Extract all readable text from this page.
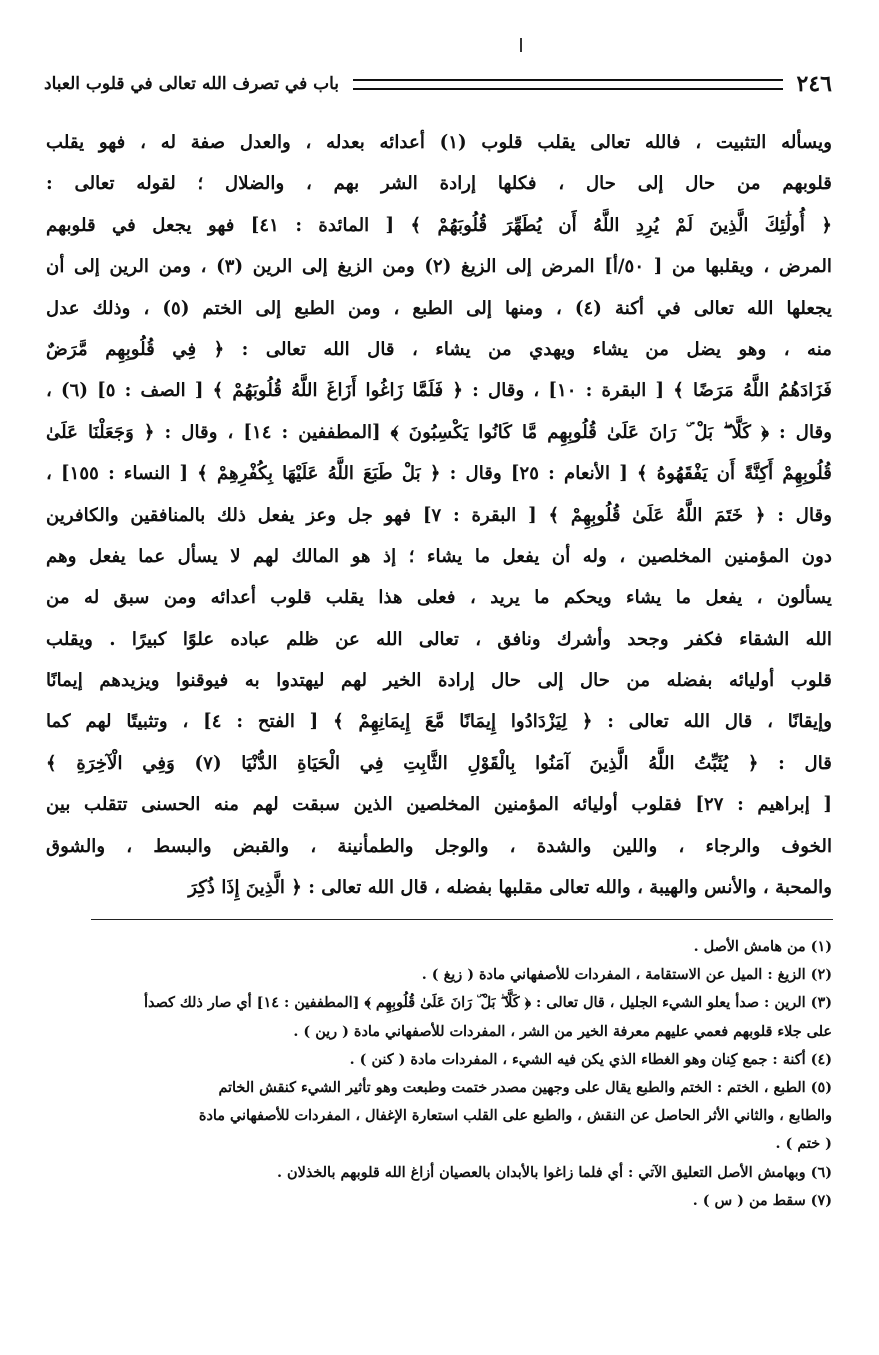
٢٤٦
باب في تصرف الله تعالى في قلوب العباد
ويسأله التثبيت ، فالله تعالى يقلب قلوب (١) أعدائه بعدله ، والعدل صفة له ، فهو يقلب
قلوبهم من حال إلى حال ، فكلها إرادة الشر بهم ، والضلال ؛ لقوله تعالى :
﴿ أُولَٰئِكَ الَّذِينَ لَمْ يُرِدِ اللَّهُ أَن يُطَهِّرَ قُلُوبَهُمْ ﴾ [ المائدة : ٤١] فهو يجعل في قلوبهم
المرض ، ويقلبها من [ ٥٠/أ] المرض إلى الزيغ (٢) ومن الزيغ إلى الرين (٣) ، ومن الرين إلى أن
يجعلها الله تعالى في أكنة (٤) ، ومنها إلى الطبع ، ومن الطبع إلى الختم (٥) ، وذلك عدل
منه ، وهو يضل من يشاء ويهدي من يشاء ، قال الله تعالى : ﴿ فِي قُلُوبِهِم مَّرَضٌ
فَزَادَهُمُ اللَّهُ مَرَضًا ﴾ [ البقرة : ١٠] ، وقال : ﴿ فَلَمَّا زَاغُوا أَزَاغَ اللَّهُ قُلُوبَهُمْ ﴾ [ الصف : ٥] (٦) ،
وقال : ﴿ كَلَّا ۖ بَلْ ۜ رَانَ عَلَىٰ قُلُوبِهِم مَّا كَانُوا يَكْسِبُونَ ﴾ [المطففين : ١٤] ، وقال : ﴿ وَجَعَلْنَا عَلَىٰ
قُلُوبِهِمْ أَكِنَّةً أَن يَفْقَهُوهُ ﴾ [ الأنعام : ٢٥] وقال : ﴿ بَلْ طَبَعَ اللَّهُ عَلَيْهَا بِكُفْرِهِمْ ﴾ [ النساء : ١٥٥] ،
وقال : ﴿ خَتَمَ اللَّهُ عَلَىٰ قُلُوبِهِمْ ﴾ [ البقرة : ٧] فهو جل وعز يفعل ذلك بالمنافقين والكافرين
دون المؤمنين المخلصين ، وله أن يفعل ما يشاء ؛ إذ هو المالك لهم لا يسأل عما يفعل وهم
يسألون ، يفعل ما يشاء ويحكم ما يريد ، فعلى هذا يقلب قلوب أعدائه ومن سبق له من
الله الشقاء فكفر وجحد وأشرك ونافق ، تعالى الله عن ظلم عباده علوًا كبيرًا . ويقلب
قلوب أوليائه بفضله من حال إلى حال إرادة الخير لهم ليهتدوا به فيوقنوا ويزيدهم إيمانًا
وإيقانًا ، قال الله تعالى : ﴿ لِيَزْدَادُوا إِيمَانًا مَّعَ إِيمَانِهِمْ ﴾ [ الفتح : ٤] ، وتثبيتًا لهم كما
قال : ﴿ يُثَبِّتُ اللَّهُ الَّذِينَ آمَنُوا بِالْقَوْلِ الثَّابِتِ فِي الْحَيَاةِ الدُّنْيَا (٧) وَفِي الْآخِرَةِ ﴾
[ إبراهيم : ٢٧] فقلوب أوليائه المؤمنين المخلصين الذين سبقت لهم منه الحسنى تتقلب بين
الخوف والرجاء ، واللين والشدة ، والوجل والطمأنينة ، والقبض والبسط ، والشوق
والمحبة ، والأنس والهيبة ، والله تعالى مقلبها بفضله ، قال الله تعالى : ﴿ الَّذِينَ إِذَا ذُكِرَ
(١) من هامش الأصل .
(٢) الزيغ : الميل عن الاستقامة ، المفردات للأصفهاني مادة ( زيغ ) .
(٣) الرين : صدأ يعلو الشيء الجليل ، قال تعالى : ﴿ كَلَّا ۖ بَلْ ۜ رَانَ عَلَىٰ قُلُوبِهِم ﴾ [المطففين : ١٤] أي صار ذلك كصدأ
على جلاء قلوبهم فعمي عليهم معرفة الخير من الشر ، المفردات للأصفهاني مادة ( رين ) .
(٤) أكنة : جمع كِنان وهو الغطاء الذي يكن فيه الشيء ، المفردات مادة ( كنن ) .
(٥) الطبع ، الختم : الختم والطبع يقال على وجهين مصدر ختمت وطبعت وهو تأثير الشيء كنقش الخاتم
والطابع ، والثاني الأثر الحاصل عن النقش ، والطبع على القلب استعارة الإغفال ، المفردات للأصفهاني مادة
( ختم ) .
(٦) وبهامش الأصل التعليق الآتي : أي فلما زاغوا بالأبدان بالعصيان أزاغ الله قلوبهم بالخذلان .
(٧) سقط من ( س ) .
